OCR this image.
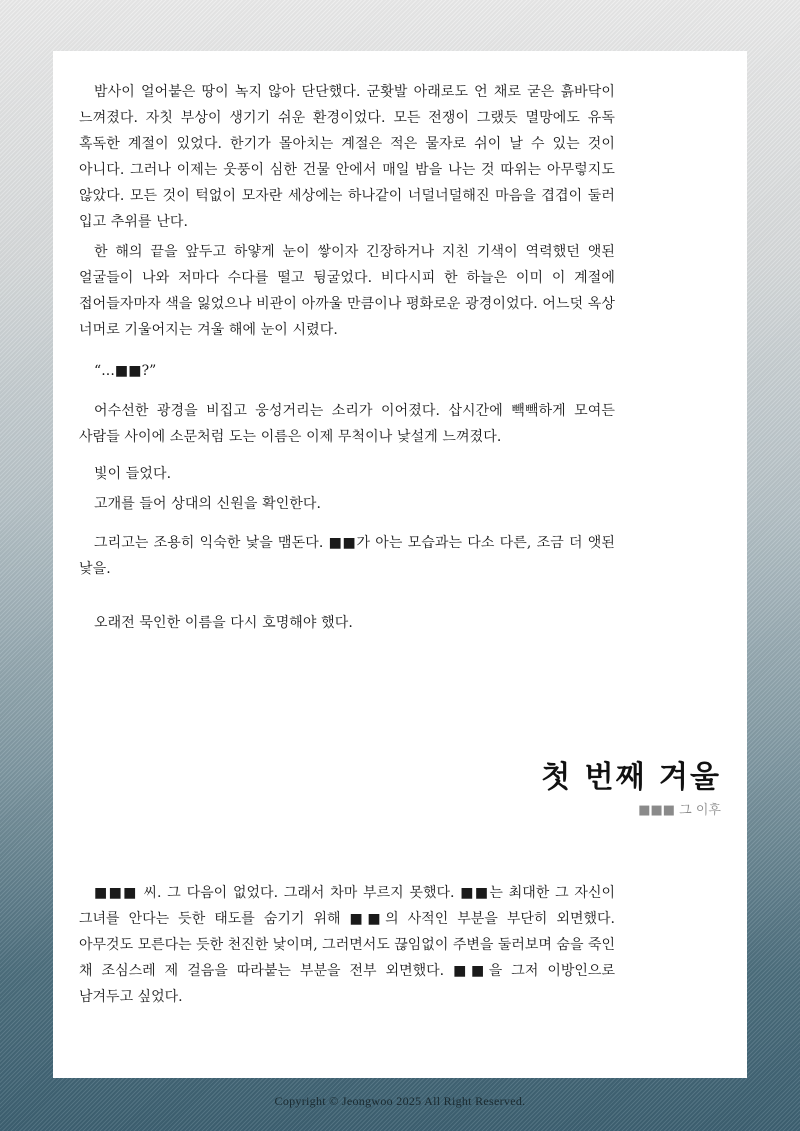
밤사이 얼어붙은 땅이 녹지 않아 단단했다. 군홧발 아래로도 언 채로 굳은 흙바닥이 느껴졌다. 자칫 부상이 생기기 쉬운 환경이었다. 모든 전쟁이 그랬듯 멸망에도 유독 혹독한 계절이 있었다. 한기가 몰아치는 계절은 적은 물자로 쉬이 날 수 있는 것이 아니다. 그러나 이제는 웃풍이 심한 건물 안에서 매일 밤을 나는 것 따위는 아무렇지도 않았다. 모든 것이 턱없이 모자란 세상에는 하나같이 너덜너덜해진 마음을 겹겹이 둘러 입고 추위를 난다.

한 해의 끝을 앞두고 하얗게 눈이 쌓이자 긴장하거나 지친 기색이 역력했던 앳된 얼굴들이 나와 저마다 수다를 떨고 뒹굴었다. 비다시피 한 하늘은 이미 이 계절에 접어들자마자 색을 잃었으나 비관이 아까울 만큼이나 평화로운 광경이었다. 어느덧 옥상 너머로 기울어지는 겨울 해에 눈이 시렸다.

“...■■?”

어수선한 광경을 비집고 웅성거리는 소리가 이어졌다. 삽시간에 빽빽하게 모여든 사람들 사이에 소문처럼 도는 이름은 이제 무척이나 낯설게 느껴졌다.

빛이 들었다.

고개를 들어 상대의 신원을 확인한다.

그리고는 조용히 익숙한 낯을 맴돈다. ■■가 아는 모습과는 다소 다른, 조금 더 앳된 낯을.

오래전 묵인한 이름을 다시 호명해야 했다.

첫 번째 겨울
■■■ 그 이후

■■■ 씨. 그 다음이 없었다. 그래서 차마 부르지 못했다. ■■는 최대한 그 자신이 그녀를 안다는 듯한 태도를 숨기기 위해 ■■의 사적인 부분을 부단히 외면했다. 아무것도 모른다는 듯한 천진한 낯이며, 그러면서도 끊임없이 주변을 둘러보며 숨을 죽인 채 조심스레 제 걸음을 따라붙는 부분을 전부 외면했다. ■■을 그저 이방인으로 남겨두고 싶었다.

Copyright © Jeongwoo 2025 All Right Reserved.
